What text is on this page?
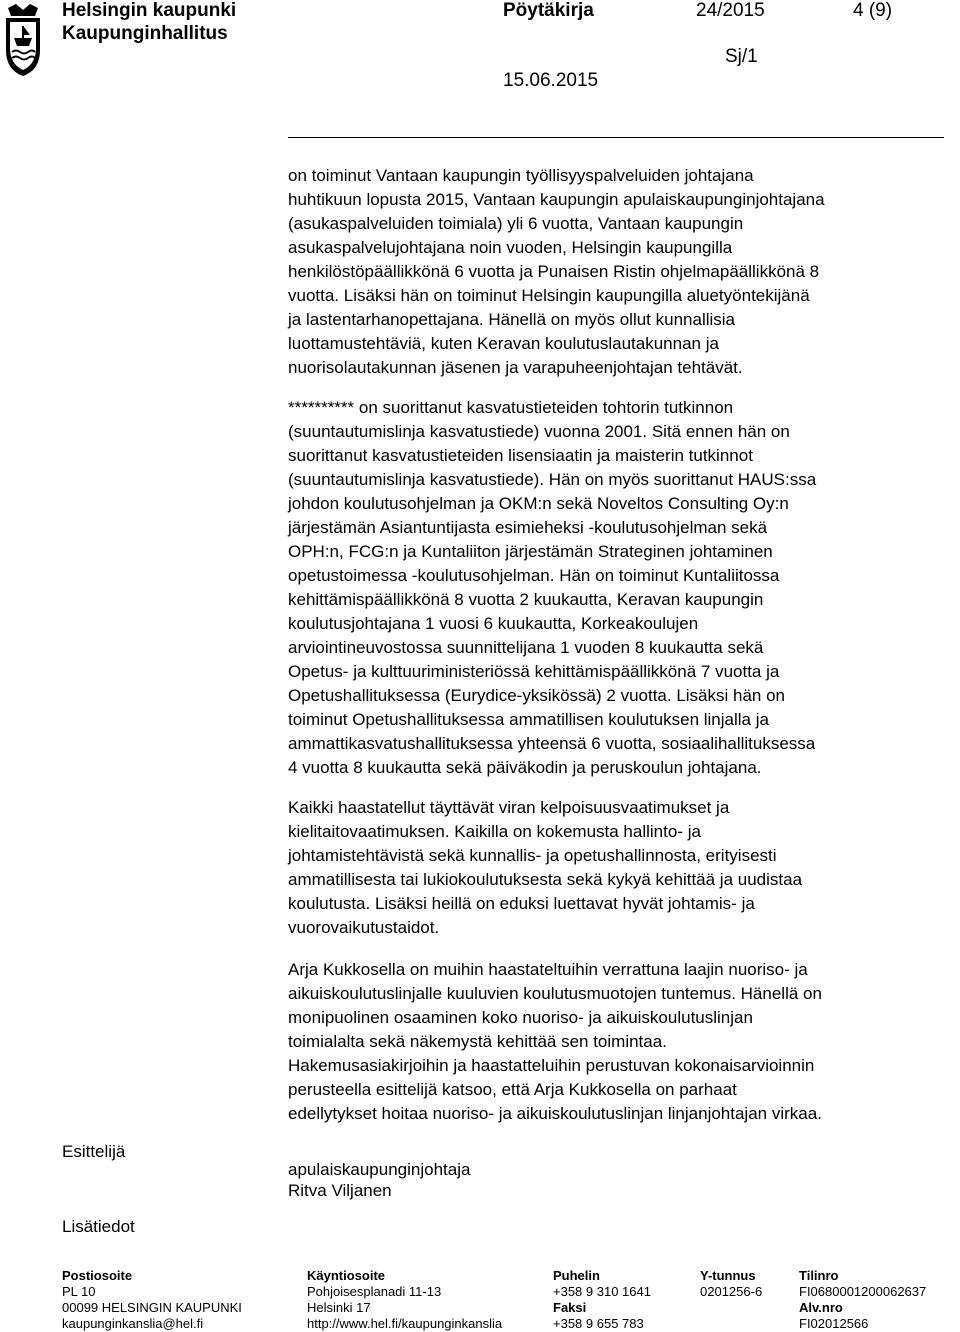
Helsingin kaupunki
Kaupunginhallitus
Pöytäkirja
15.06.2015
24/2015	4 (9)
Sj/1
on toiminut Vantaan kaupungin työllisyyspalveluiden johtajana
huhtikuun lopusta 2015, Vantaan kaupungin apulaiskaupunginjohtajana
(asukaspalveluiden toimiala) yli 6 vuotta, Vantaan kaupungin
asukaspalvelujohtajana noin vuoden, Helsingin kaupungilla
henkilöstöpäällikkönä 6 vuotta ja Punaisen Ristin ohjelmapäällikkönä 8
vuotta. Lisäksi hän on toiminut Helsingin kaupungilla aluetyöntekijänä
ja lastentarhanopettajana. Hänellä on myös ollut kunnallisia
luottamustehtäviä, kuten Keravan koulutuslautakunnan ja
nuorisolautakunnan jäsenen ja varapuheenjohtajan tehtävät.
********** on suorittanut kasvatustieteiden tohtorin tutkinnon
(suuntautumislinja kasvatustiede) vuonna 2001. Sitä ennen hän on
suorittanut kasvatustieteiden lisensiaatin ja maisterin tutkinnot
(suuntautumislinja kasvatustiede). Hän on myös suorittanut HAUS:ssa
johdon koulutusohjelman ja OKM:n sekä Noveltos Consulting Oy:n
järjestämän Asiantuntijasta esimieheksi -koulutusohjelman sekä
OPH:n, FCG:n ja Kuntaliiton järjestämän Strateginen johtaminen
opetustoimessa -koulutusohjelman. Hän on toiminut Kuntaliitossa
kehittämispäällikkönä 8 vuotta 2 kuukautta, Keravan kaupungin
koulutusjohtajana 1 vuosi 6 kuukautta, Korkeakoulujen
arviointineuvostossa suunnittelijana 1 vuoden 8 kuukautta sekä
Opetus- ja kulttuuriministeriössä kehittämispäällikkönä 7 vuotta ja
Opetushallituksessa (Eurydice-yksikössä) 2 vuotta. Lisäksi hän on
toiminut Opetushallituksessa ammatillisen koulutuksen linjalla ja
ammattikasvatushallituksessa yhteensä 6 vuotta, sosiaalihallituksessa
4 vuotta 8 kuukautta sekä päiväkodin ja peruskoulun johtajana.
Kaikki haastatellut täyttävät viran kelpoisuusvaatimukset ja
kielitaitovaatimuksen. Kaikilla on kokemusta hallinto- ja
johtamistehtävistä sekä kunnallis- ja opetushallinnosta, erityisesti
ammatillisesta tai lukiokoulutuksesta sekä kykyä kehittää ja uudistaa
koulutusta. Lisäksi heillä on eduksi luettavat hyvät johtamis- ja
vuorovaikutustaidot.
Arja Kukkosella on muihin haastateltuihin verrattuna laajin nuoriso- ja
aikuiskoulutuslinjalle kuuluvien koulutusmuotojen tuntemus. Hänellä on
monipuolinen osaaminen koko nuoriso- ja aikuiskoulutuslinjan
toimialalta sekä näkemystä kehittää sen toimintaa.
Hakemusasiakirjoihin ja haastatteluihin perustuvan kokonaisarvioinnin
perusteella esittelijä katsoo, että Arja Kukkosella on parhaat
edellytykset hoitaa nuoriso- ja aikuiskoulutuslinjan linjanjohtajan virkaa.
Esittelijä
apulaiskaupunginjohtaja
Ritva Viljanen
Lisätiedot
Postiosoite
PL 10
00099 HELSINGIN KAUPUNKI
kaupunginkanslia@hel.fi
Käyntiosoite
Pohjoisesplanadi 11-13
Helsinki 17
http://www.hel.fi/kaupunginkanslia
Puhelin
+358 9 310 1641
Faksi
+358 9 655 783
Y-tunnus
0201256-6
Tilinro
FI0680001200062637
Alv.nro
FI02012566
